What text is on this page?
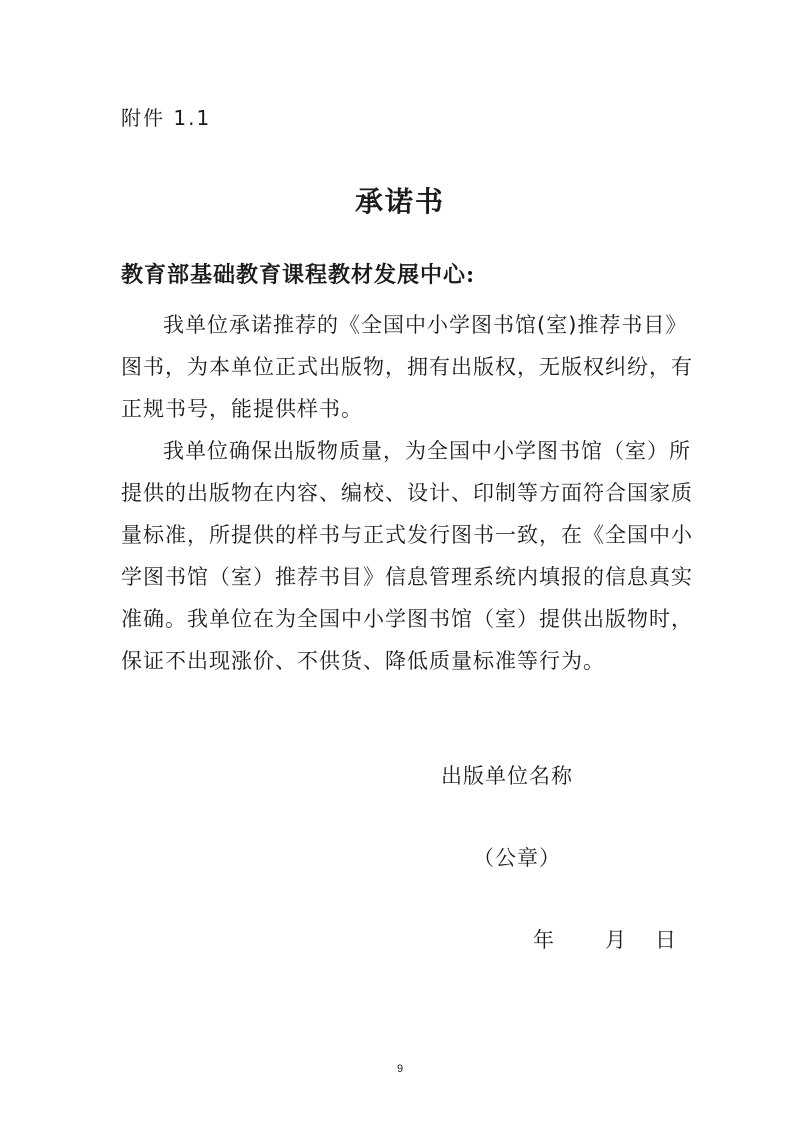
附件 1.1
承诺书
教育部基础教育课程教材发展中心:
我单位承诺推荐的《全国中小学图书馆(室)推荐书目》
图书，为本单位正式出版物，拥有出版权，无版权纠纷，有
正规书号，能提供样书。
我单位确保出版物质量，为全国中小学图书馆（室）所
提供的出版物在内容、编校、设计、印制等方面符合国家质
量标准，所提供的样书与正式发行图书一致，在《全国中小
学图书馆（室）推荐书目》信息管理系统内填报的信息真实
准确。我单位在为全国中小学图书馆（室）提供出版物时，
保证不出现涨价、不供货、降低质量标准等行为。
出版单位名称
（公章）
年 月 日
9
